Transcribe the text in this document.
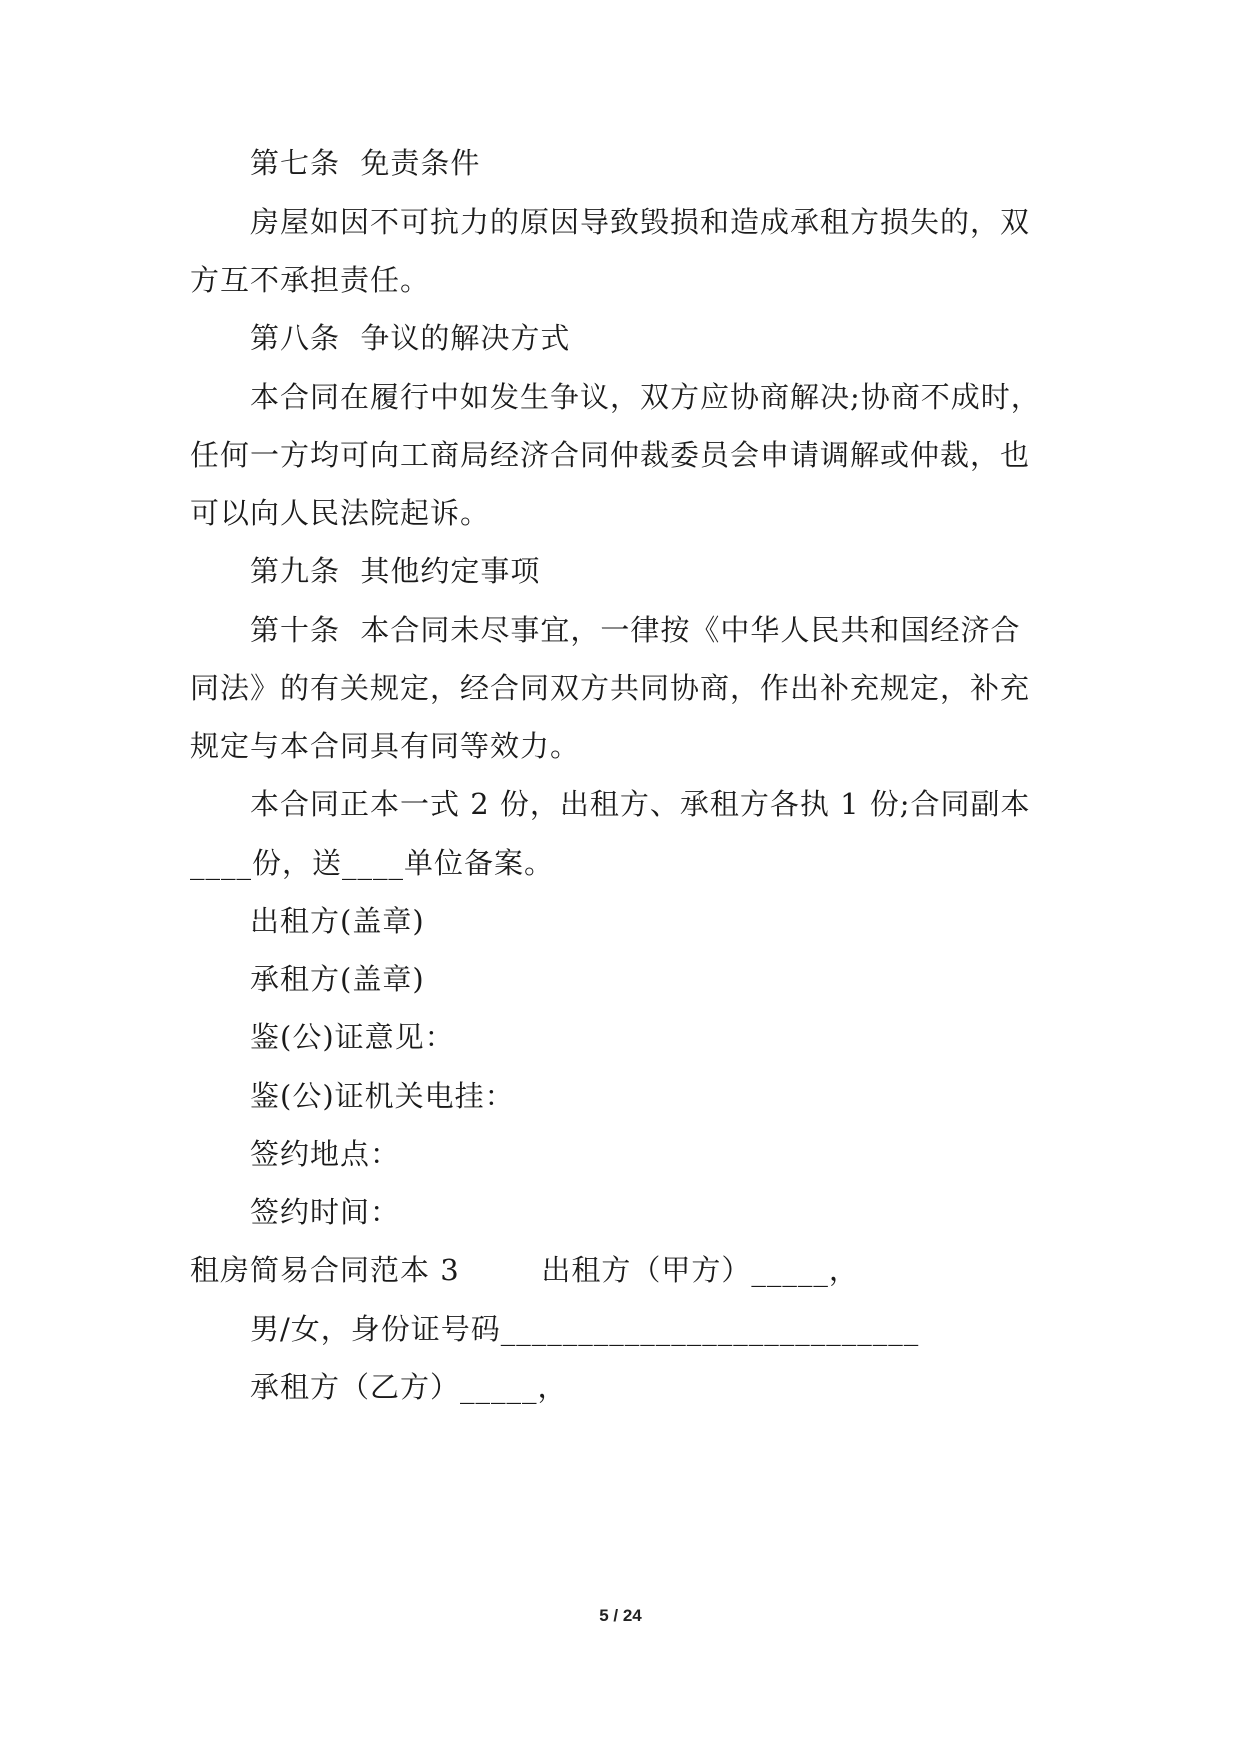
第七条  免责条件
房屋如因不可抗力的原因导致毁损和造成承租方损失的，双
方互不承担责任。
第八条  争议的解决方式
本合同在履行中如发生争议，双方应协商解决;协商不成时，
任何一方均可向工商局经济合同仲裁委员会申请调解或仲裁，也
可以向人民法院起诉。
第九条  其他约定事项
第十条  本合同未尽事宜，一律按《中华人民共和国经济合
同法》的有关规定，经合同双方共同协商，作出补充规定，补充
规定与本合同具有同等效力。
本合同正本一式 2 份，出租方、承租方各执 1 份;合同副本
____份，送____单位备案。
出租方(盖章)
承租方(盖章)
鉴(公)证意见：
鉴(公)证机关电挂：
签约地点：
签约时间：
租房简易合同范本 3        出租方（甲方）_____，
男/女，身份证号码___________________________
承租方（乙方）_____，
5 / 24
